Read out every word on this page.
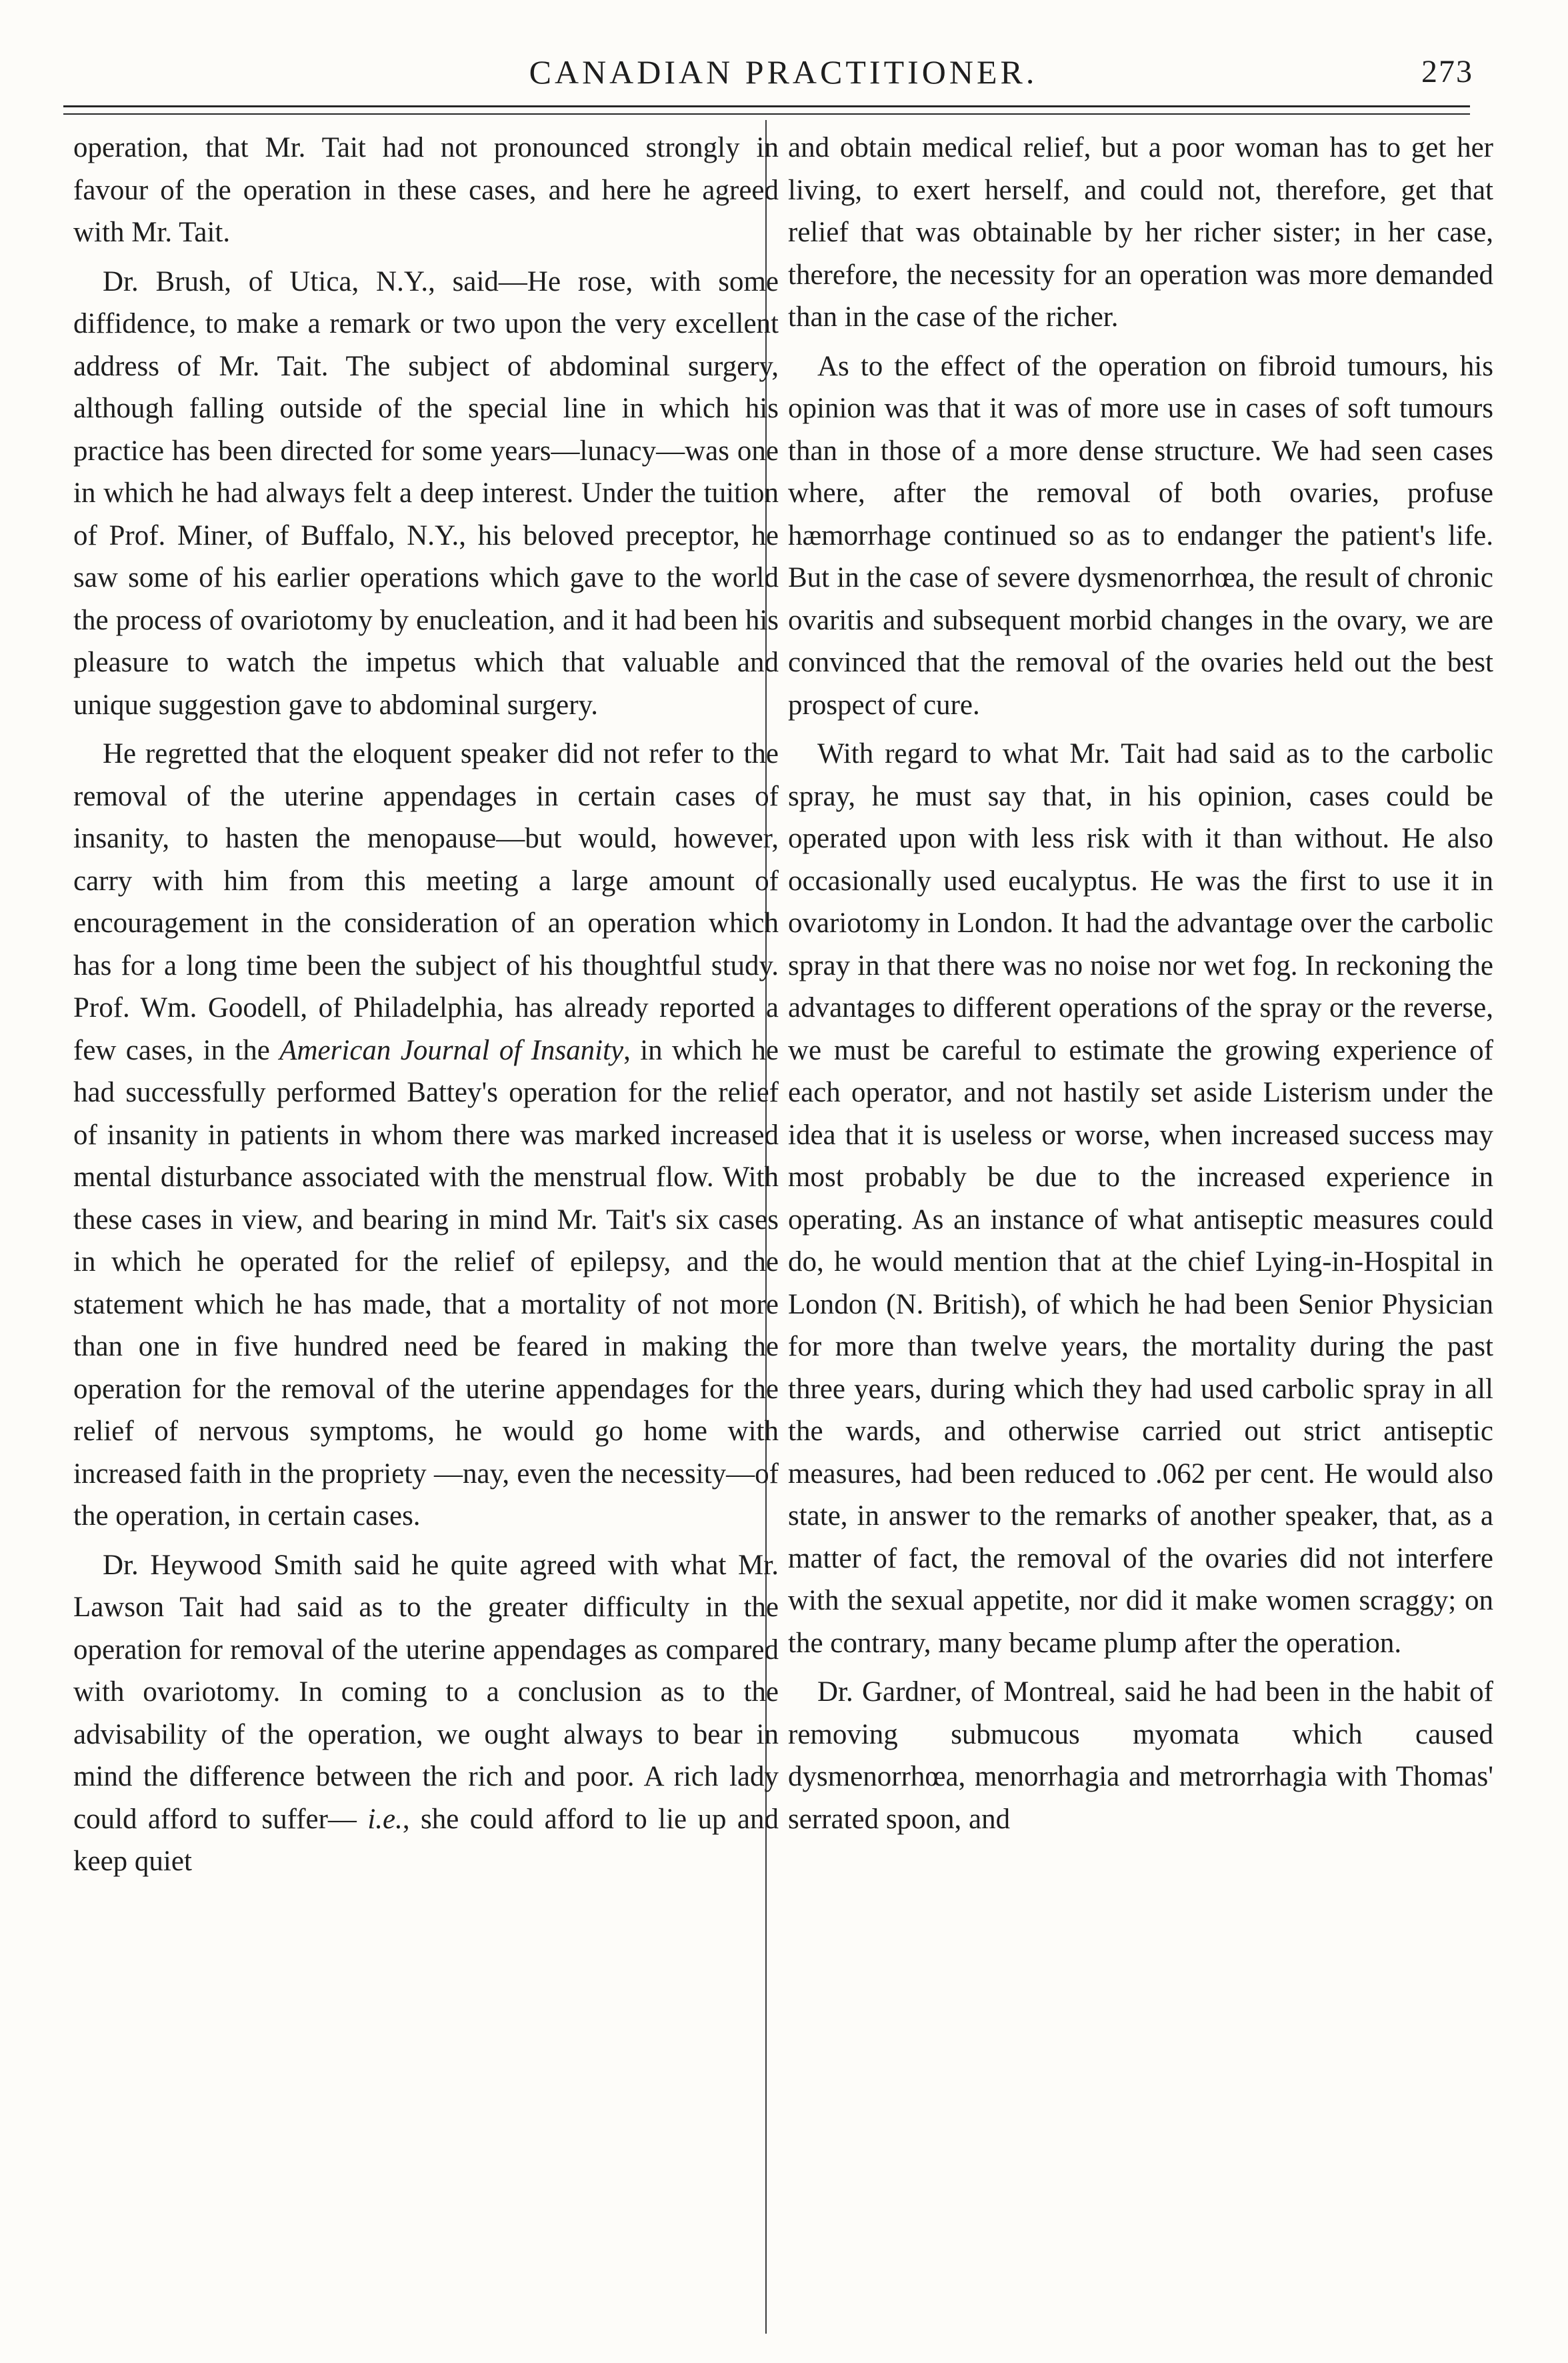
CANADIAN PRACTITIONER.	273

operation, that Mr. Tait had not pronounced strongly in favour of the operation in these cases, and here he agreed with Mr. Tait.

Dr. Brush, of Utica, N.Y., said—He rose, with some diffidence, to make a remark or two upon the very excellent address of Mr. Tait. The subject of abdominal surgery, although falling outside of the special line in which his practice has been directed for some years—lunacy—was one in which he had always felt a deep interest. Under the tuition of Prof. Miner, of Buffalo, N.Y., his beloved preceptor, he saw some of his earlier operations which gave to the world the process of ovariotomy by enucleation, and it had been his pleasure to watch the impetus which that valuable and unique suggestion gave to abdominal surgery.

He regretted that the eloquent speaker did not refer to the removal of the uterine appendages in certain cases of insanity, to hasten the menopause—but would, however, carry with him from this meeting a large amount of encouragement in the consideration of an operation which has for a long time been the subject of his thoughtful study. Prof. Wm. Goodell, of Philadelphia, has already reported a few cases, in the American Journal of Insanity, in which he had successfully performed Battey's operation for the relief of insanity in patients in whom there was marked increased mental disturbance associated with the menstrual flow. With these cases in view, and bearing in mind Mr. Tait's six cases in which he operated for the relief of epilepsy, and the statement which he has made, that a mortality of not more than one in five hundred need be feared in making the operation for the removal of the uterine appendages for the relief of nervous symptoms, he would go home with increased faith in the propriety —nay, even the necessity—of the operation, in certain cases.

Dr. Heywood Smith said he quite agreed with what Mr. Lawson Tait had said as to the greater difficulty in the operation for removal of the uterine appendages as compared with ovariotomy. In coming to a conclusion as to the advisability of the operation, we ought always to bear in mind the difference between the rich and poor. A rich lady could afford to suffer— i.e., she could afford to lie up and keep quiet

and obtain medical relief, but a poor woman has to get her living, to exert herself, and could not, therefore, get that relief that was obtainable by her richer sister; in her case, therefore, the necessity for an operation was more demanded than in the case of the richer.

As to the effect of the operation on fibroid tumours, his opinion was that it was of more use in cases of soft tumours than in those of a more dense structure. We had seen cases where, after the removal of both ovaries, profuse hæmorrhage continued so as to endanger the patient's life. But in the case of severe dysmenorrhœa, the result of chronic ovaritis and subsequent morbid changes in the ovary, we are convinced that the removal of the ovaries held out the best prospect of cure.

With regard to what Mr. Tait had said as to the carbolic spray, he must say that, in his opinion, cases could be operated upon with less risk with it than without. He also occasionally used eucalyptus. He was the first to use it in ovariotomy in London. It had the advantage over the carbolic spray in that there was no noise nor wet fog. In reckoning the advantages to different operations of the spray or the reverse, we must be careful to estimate the growing experience of each operator, and not hastily set aside Listerism under the idea that it is useless or worse, when increased success may most probably be due to the increased experience in operating. As an instance of what antiseptic measures could do, he would mention that at the chief Lying-in-Hospital in London (N. British), of which he had been Senior Physician for more than twelve years, the mortality during the past three years, during which they had used carbolic spray in all the wards, and otherwise carried out strict antiseptic measures, had been reduced to .062 per cent. He would also state, in answer to the remarks of another speaker, that, as a matter of fact, the removal of the ovaries did not interfere with the sexual appetite, nor did it make women scraggy; on the contrary, many became plump after the operation.

Dr. Gardner, of Montreal, said he had been in the habit of removing submucous myomata which caused dysmenorrhœa, menorrhagia and metrorrhagia with Thomas' serrated spoon, and
